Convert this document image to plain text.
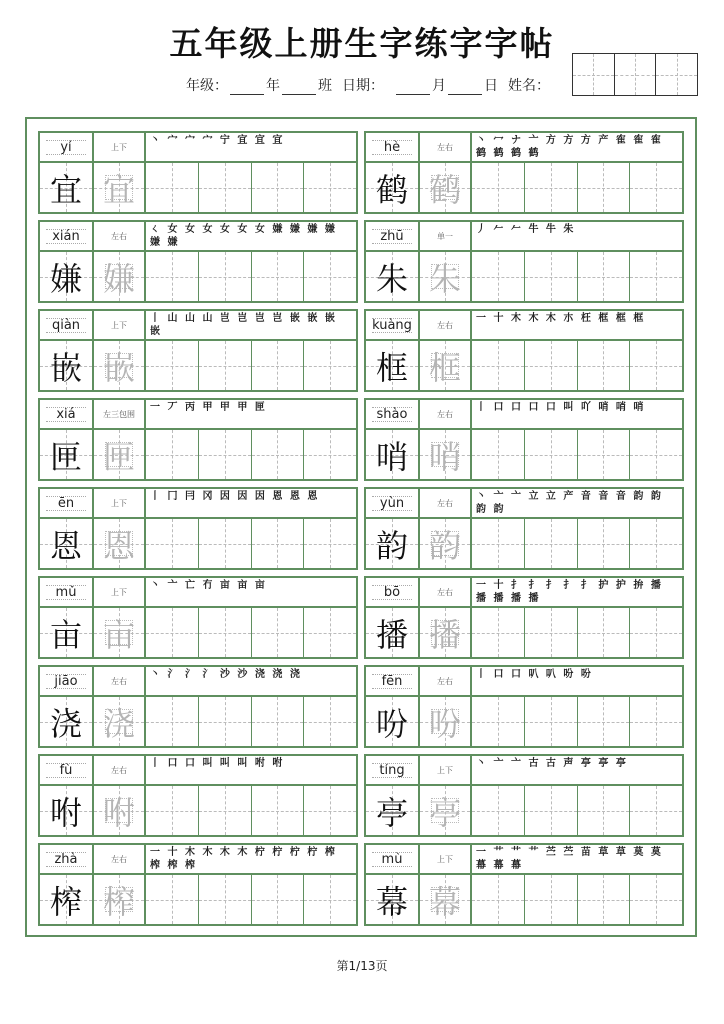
五年级上册生字练字字帖
年级：	年	班 日期：	月	日 姓名：
yí	上下
丶 宀 宀 宀 宁 宜 宜 宜
宜 宜
hè	左右
丶 冖 ナ 亠 方 方 方 产 隺 隺 隺 鹤 鹤 鹤 鹤
鹤 鹤
xián	左右
ㄑ 女 女 女 女 女 女 嫌 嫌 嫌 嫌 嫌 嫌
嫌 嫌
zhū	单一
丿 𠂉 𠂉 牛 牛 朱
朱 朱
qiàn	上下
丨 山 山 山 岂 岂 岂 岂 嵌 嵌 嵌 嵌
嵌 嵌
kuàng	左右
一 十 木 木 木 朩 枉 框 框 框
框 框
xiá	左三包围
一 丆 丙 甲 甲 甲 匣
匣 匣
shào	左右
丨 口 口 口 口 叫 吖 哨 哨 哨
哨 哨
ēn	上下
丨 冂 冃 冈 因 因 因 恩 恩 恩
恩 恩
yùn	左右
丶 亠 亠 立 立 产 音 音 音 韵 韵 韵 韵
韵 韵
mǔ	上下
丶 亠 亡 冇 亩 亩 亩
亩 亩
bō	左右
一 十 扌 扌 扌 扌 扌 护 护 拚 播 播 播 播 播
播 播
jiāo	左右
丶 氵 氵 氵 沙 沙 浇 浇 浇
浇 浇
fēn	左右
丨 口 口 叭 叭 吩 吩
吩 吩
fù	左右
丨 口 口 叫 叫 叫 咐 咐
咐 咐
tíng	上下
丶 亠 亠 古 古 声 亭 亭 亭
亭 亭
zhà	左右
一 十 木 木 木 木 柠 柠 柠 柠 榨 榨 榨 榨
榨 榨
mù	上下
一 艹 艹 艹 苎 苎 苗 草 草 莫 莫 幕 幕 幕
幕 幕
第1/13页
